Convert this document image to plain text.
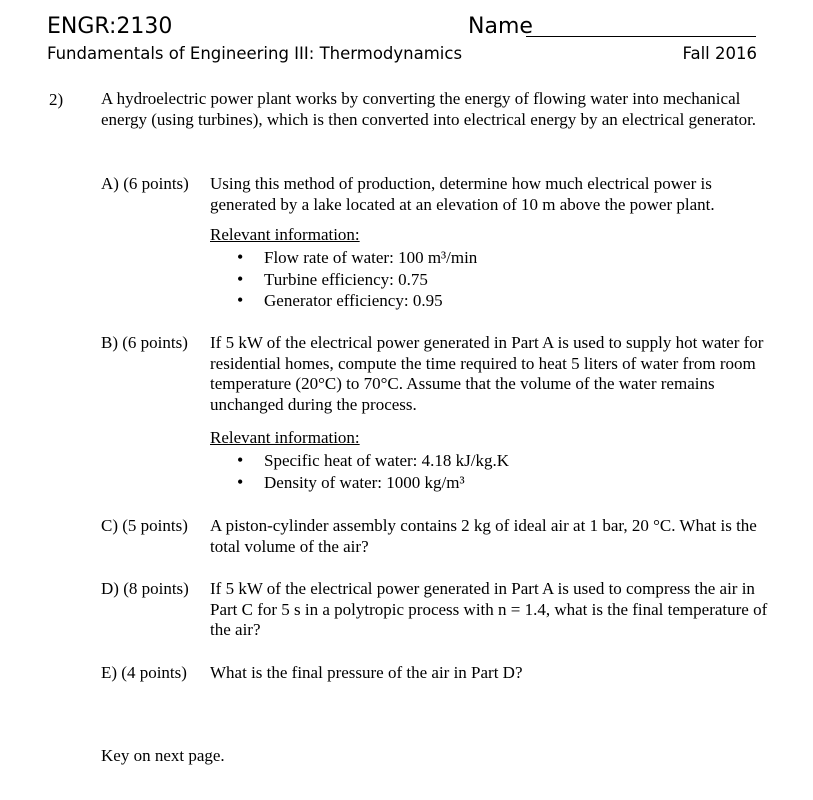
ENGR:2130	Name
Fundamentals of Engineering III: Thermodynamics	Fall 2016
2) A hydroelectric power plant works by converting the energy of flowing water into mechanical energy (using turbines), which is then converted into electrical energy by an electrical generator.
A) (6 points) Using this method of production, determine how much electrical power is generated by a lake located at an elevation of 10 m above the power plant.
Relevant information:
• Flow rate of water: 100 m³/min
• Turbine efficiency: 0.75
• Generator efficiency: 0.95
B) (6 points) If 5 kW of the electrical power generated in Part A is used to supply hot water for residential homes, compute the time required to heat 5 liters of water from room temperature (20°C) to 70°C. Assume that the volume of the water remains unchanged during the process.
Relevant information:
• Specific heat of water: 4.18 kJ/kg.K
• Density of water: 1000 kg/m³
C) (5 points) A piston-cylinder assembly contains 2 kg of ideal air at 1 bar, 20 °C. What is the total volume of the air?
D) (8 points) If 5 kW of the electrical power generated in Part A is used to compress the air in Part C for 5 s in a polytropic process with n = 1.4, what is the final temperature of the air?
E) (4 points) What is the final pressure of the air in Part D?
Key on next page.
